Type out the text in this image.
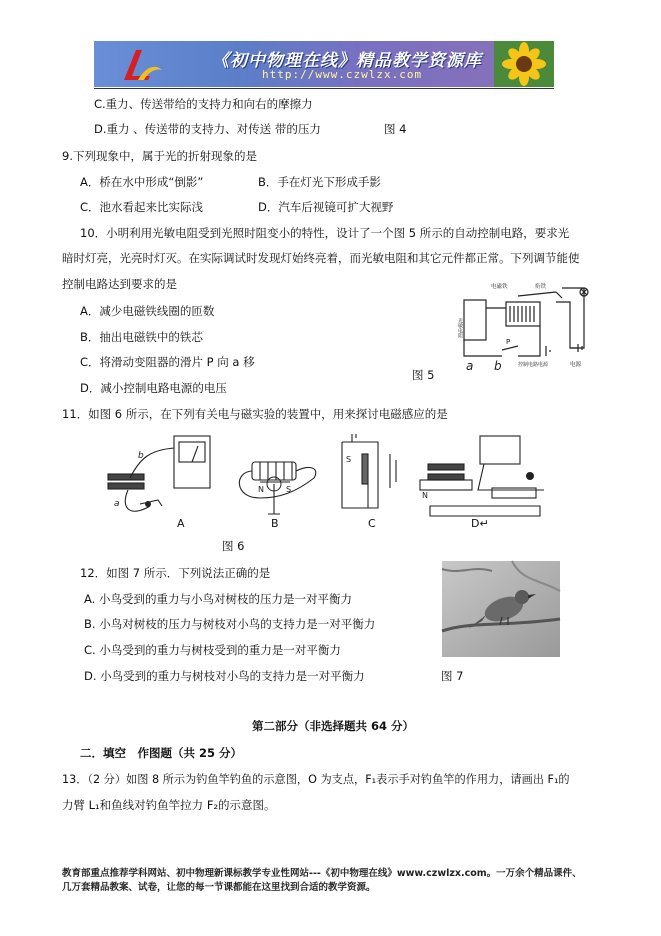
《初中物理在线》精品教学资源库
http://www.czwlzx.com
C.重力、传送带给的支持力和向右的摩擦力
D.重力 、传送带的支持力、对传送 带的压力	图 4
9.下列现象中，属于光的折射现象的是
A．桥在水中形成“倒影”	B．手在灯光下形成手影
C．池水看起来比实际浅	D．汽车后视镜可扩大视野
10．小明利用光敏电阻受到光照时阻变小的特性，设计了一个图 5 所示的自动控制电路，要求光
暗时灯亮，光亮时灯灭。在实际调试时发现灯始终亮着，而光敏电阻和其它元件都正常。下列调节能使
控制电路达到要求的是
A．减少电磁铁线圈的匝数
B．抽出电磁铁中的铁芯
C．将滑动变阻器的滑片 P 向 a 移
D．减小控制电路电源的电压
图 5
电磁铁	衔铁
光敏电阻
控制电路电源	电源
P
a b
11．如图 6 所示，在下列有关电与磁实验的装置中，用来探讨电磁感应的是
b
a
N	S
S
N
A	B	C	D↵
图 6
12．如图 7 所示．下列说法正确的是
A. 小鸟受到的重力与小鸟对树枝的压力是一对平衡力
B. 小鸟对树枝的压力与树枝对小鸟的支持力是一对平衡力
C. 小鸟受到的重力与树枝受到的重力是一对平衡力
D. 小鸟受到的重力与树枝对小鸟的支持力是一对平衡力	图 7
第二部分（非选择题共 64 分）
二．填空　作图题（共 25 分）
13．（2 分）如图 8 所示为钓鱼竿钓鱼的示意图，O 为支点，F₁表示手对钓鱼竿的作用力，请画出 F₁的
力臂 L₁和鱼线对钓鱼竿拉力 F₂的示意图。
教育部重点推荐学科网站、初中物理新课标教学专业性网站---《初中物理在线》www.czwlzx.com。一万余个精品课件、
几万套精品教案、试卷，让您的每一节课都能在这里找到合适的教学资源。
